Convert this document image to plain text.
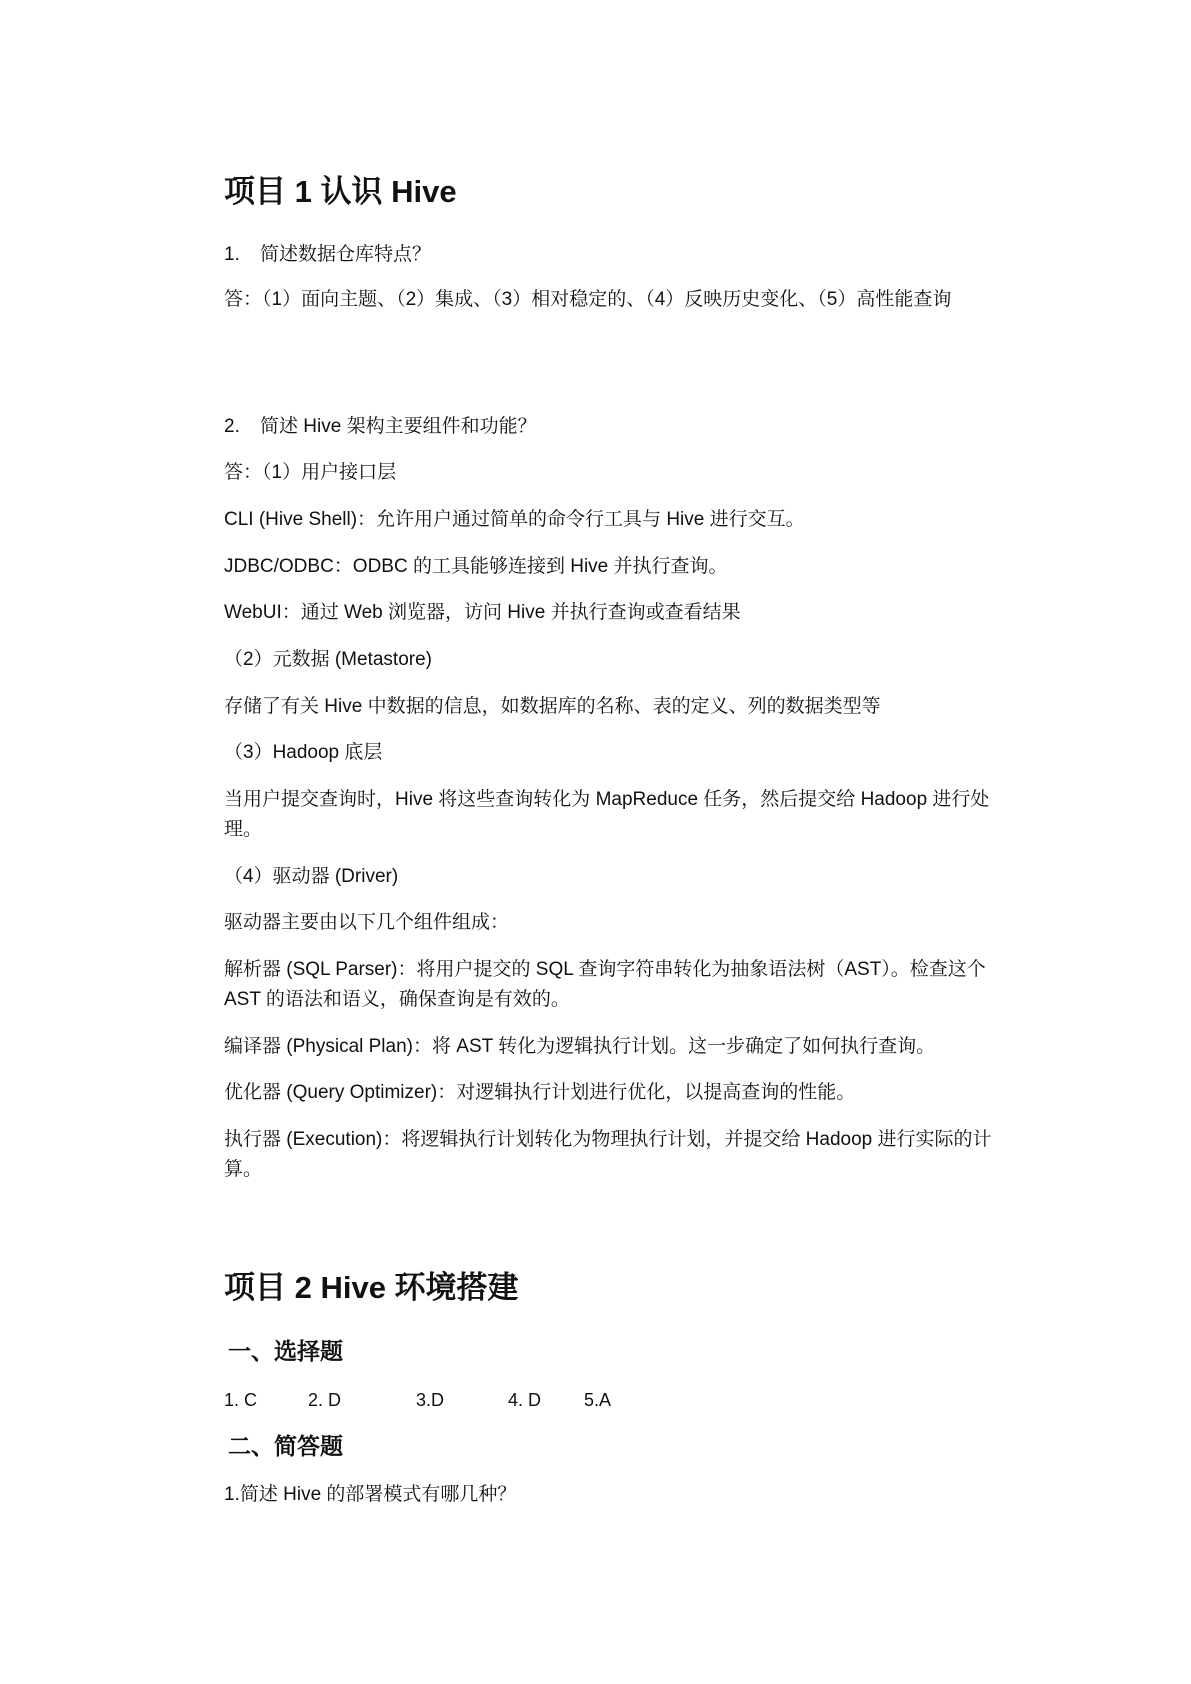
项目 1 认识 Hive
1. 简述数据仓库特点？
答：（1）面向主题、（2）集成、（3）相对稳定的、（4）反映历史变化、（5）高性能查询
2. 简述 Hive 架构主要组件和功能？
答：（1）用户接口层
CLI (Hive Shell)：允许用户通过简单的命令行工具与 Hive 进行交互。
JDBC/ODBC：ODBC 的工具能够连接到 Hive 并执行查询。
WebUI：通过 Web 浏览器，访问 Hive 并执行查询或查看结果
（2）元数据 (Metastore)
存储了有关 Hive 中数据的信息，如数据库的名称、表的定义、列的数据类型等
（3）Hadoop 底层
当用户提交查询时，Hive 将这些查询转化为 MapReduce 任务，然后提交给 Hadoop 进行处理。
（4）驱动器 (Driver)
驱动器主要由以下几个组件组成：
解析器 (SQL Parser)：将用户提交的 SQL 查询字符串转化为抽象语法树（AST）。检查这个 AST 的语法和语义，确保查询是有效的。
编译器 (Physical Plan)：将 AST 转化为逻辑执行计划。这一步确定了如何执行查询。
优化器 (Query Optimizer)：对逻辑执行计划进行优化，以提高查询的性能。
执行器 (Execution)：将逻辑执行计划转化为物理执行计划，并提交给 Hadoop 进行实际的计算。
项目 2 Hive 环境搭建
一、选择题
1. C	2. D	3.D	4. D 5.A
二、简答题
1.简述 Hive 的部署模式有哪几种？
